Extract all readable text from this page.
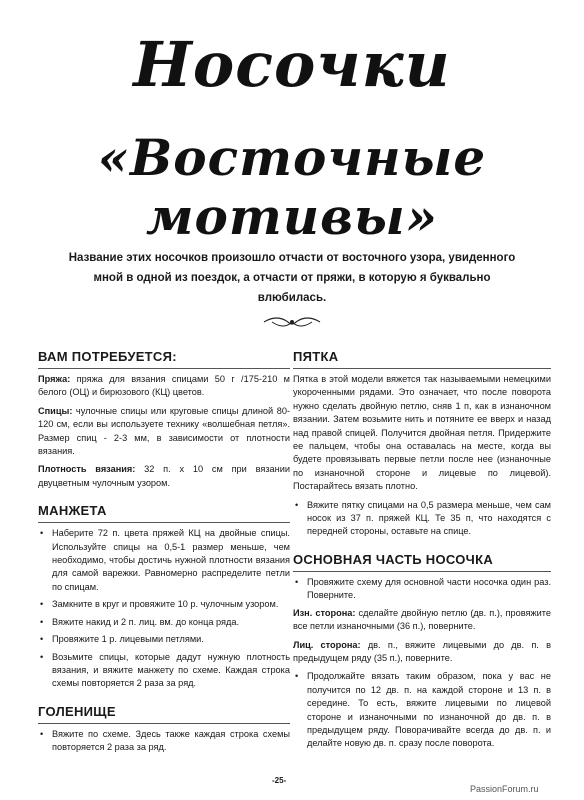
Носочки
«Восточные мотивы»
Название этих носочков произошло отчасти от восточного узора, увиденного мной в одной из поездок, а отчасти от пряжи, в которую я буквально влюбилась.
ВАМ ПОТРЕБУЕТСЯ:

Пряжа: пряжа для вязания спицами 50 г /175-210 м белого (ОЦ) и бирюзового (КЦ) цветов.

Спицы: чулочные спицы или круговые спицы длиной 80-120 см, если вы используете технику «волшебная петля». Размер спиц - 2-3 мм, в зависимости от плотности вязания.

Плотность вязания: 32 п. х 10 см при вязании двуцветным чулочным узором.

МАНЖЕТА
• Наберите 72 п. цвета пряжей КЦ на двойные спицы. Используйте спицы на 0,5-1 размер меньше, чем необходимо, чтобы достичь нужной плотности вязания для самой варежки. Равномерно распределите петли по спицам.
• Замкните в круг и провяжите 10 р. чулочным узором.
• Вяжите накид и 2 п. лиц. вм. до конца ряда.
• Провяжите 1 р. лицевыми петлями.
• Возьмите спицы, которые дадут нужную плотность вязания, и вяжите манжету по схеме. Каждая строка схемы повторяется 2 раза за ряд.
ГОЛЕНИЩЕ
• Вяжите по схеме. Здесь также каждая строка схемы повторяется 2 раза за ряд.
ПЯТКА

Пятка в этой модели вяжется так называемыми немецкими укороченными рядами. Это означает, что после поворота нужно сделать двойную петлю, сняв 1 п, как в изнаночном вязании. Затем возьмите нить и потяните ее вверх и назад над правой спицей. Получится двойная петля. Придержите ее пальцем, чтобы она оставалась на месте, когда вы будете провязывать первые петли после нее (изнаночные по изнаночной стороне и лицевые по лицевой). Постарайтесь вязать плотно.

• Вяжите пятку спицами на 0,5 размера меньше, чем сам носок из 37 п. пряжей КЦ. Те 35 п, что находятся с передней стороны, оставьте на спице.
ОСНОВНАЯ ЧАСТЬ НОСОЧКА
• Провяжите схему для основной части носочка один раз. Поверните.

Изн. сторона: сделайте двойную петлю (дв. п.), провяжите все петли изнаночными (36 п.), поверните.

Лиц. сторона: дв. п., вяжите лицевыми до дв. п. в предыдущем ряду (35 п.), поверните.

• Продолжайте вязать таким образом, пока у вас не получится по 12 дв. п. на каждой стороне и 13 п. в середине. То есть, вяжите лицевыми по лицевой стороне и изнаночными по изнаночной до дв. п. в предыдущем ряду. Поворачивайте всегда до дв. п. и делайте новую дв. п. сразу после поворота.
-25-
PassionForum.ru
